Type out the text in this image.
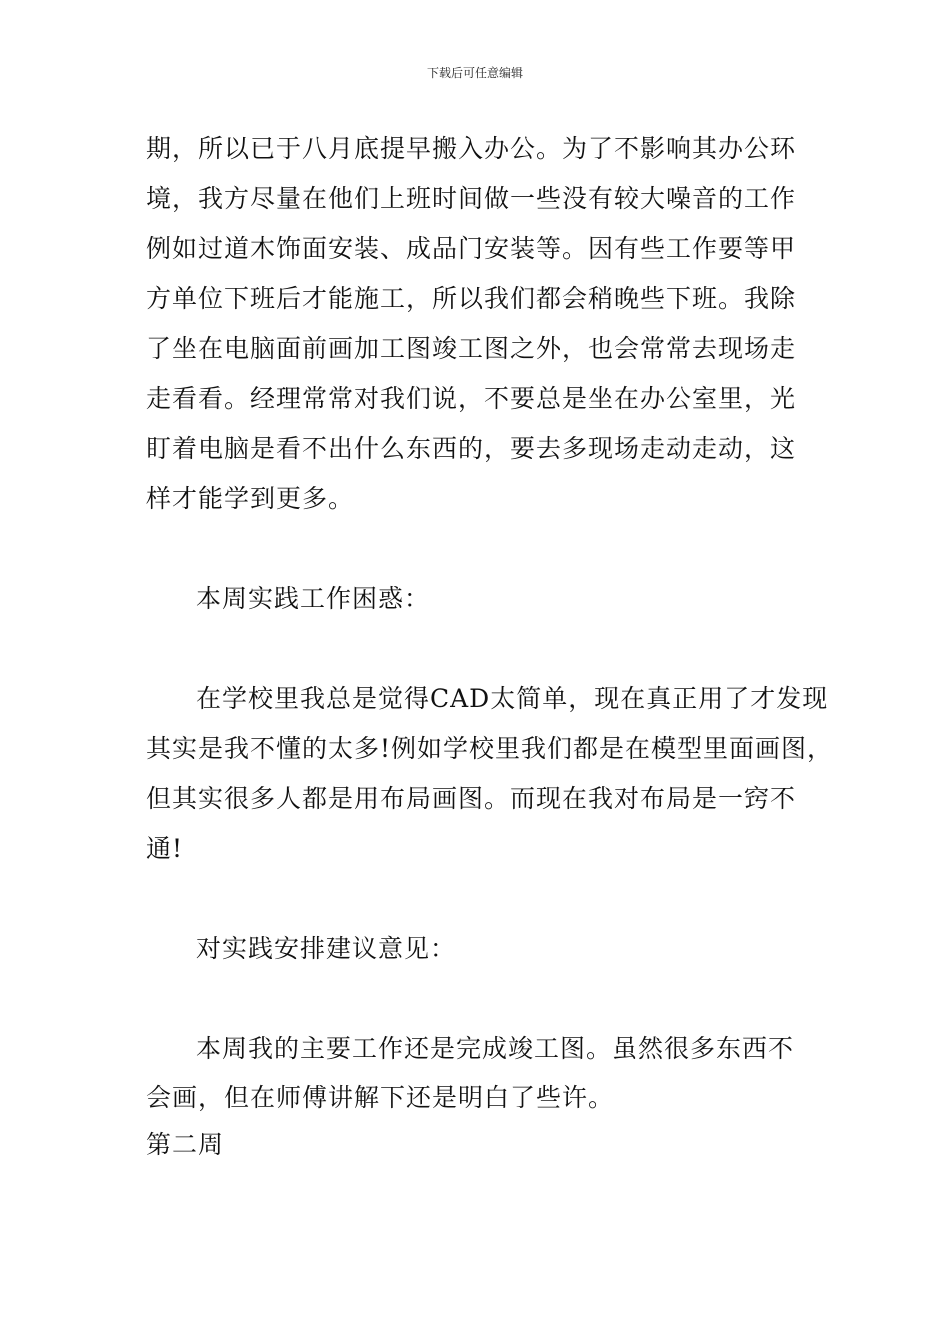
下载后可任意编辑

期，所以已于八月底提早搬入办公。为了不影响其办公环
境，我方尽量在他们上班时间做一些没有较大噪音的工作
例如过道木饰面安装、成品门安装等。因有些工作要等甲
方单位下班后才能施工，所以我们都会稍晚些下班。我除
了坐在电脑面前画加工图竣工图之外，也会常常去现场走
走看看。经理常常对我们说，不要总是坐在办公室里，光
盯着电脑是看不出什么东西的，要去多现场走动走动，这
样才能学到更多。

本周实践工作困惑：

在学校里我总是觉得CAD太简单，现在真正用了才发现
其实是我不懂的太多!例如学校里我们都是在模型里面画图，
但其实很多人都是用布局画图。而现在我对布局是一窍不
通!

对实践安排建议意见：

本周我的主要工作还是完成竣工图。虽然很多东西不
会画，但在师傅讲解下还是明白了些许。

第二周
